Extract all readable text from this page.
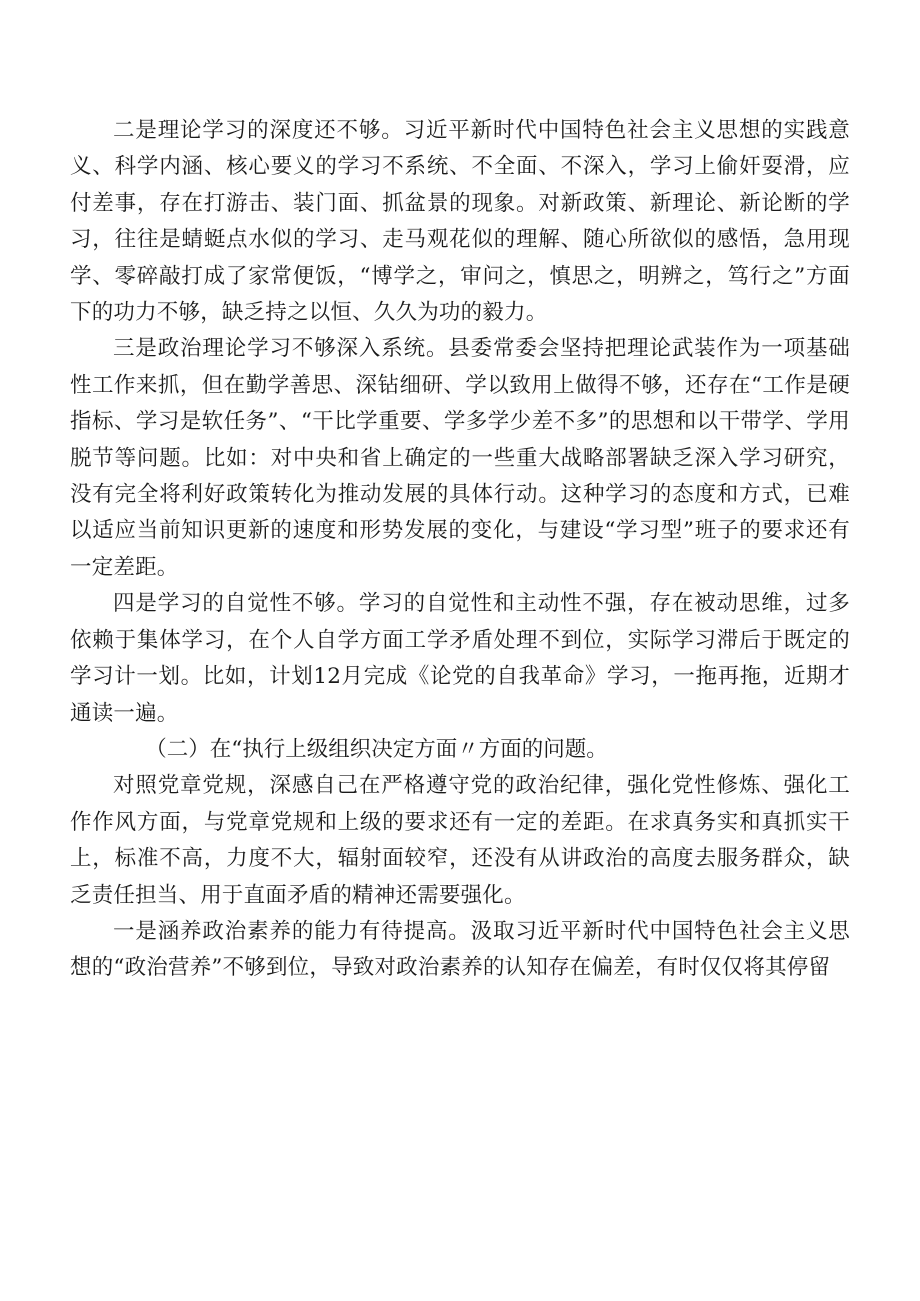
二是理论学习的深度还不够。习近平新时代中国特色社会主义思想的实践意义、科学内涵、核心要义的学习不系统、不全面、不深入，学习上偷奸耍滑，应付差事，存在打游击、装门面、抓盆景的现象。对新政策、新理论、新论断的学习，往往是蜻蜓点水似的学习、走马观花似的理解、随心所欲似的感悟，急用现学、零碎敲打成了家常便饭，“博学之，审问之，慎思之，明辨之，笃行之”方面下的功力不够，缺乏持之以恒、久久为功的毅力。

三是政治理论学习不够深入系统。县委常委会坚持把理论武装作为一项基础性工作来抓，但在勤学善思、深钻细研、学以致用上做得不够，还存在“工作是硬指标、学习是软任务”、“干比学重要、学多学少差不多”的思想和以干带学、学用脱节等问题。比如：对中央和省上确定的一些重大战略部署缺乏深入学习研究，没有完全将利好政策转化为推动发展的具体行动。这种学习的态度和方式，已难以适应当前知识更新的速度和形势发展的变化，与建设“学习型”班子的要求还有一定差距。

四是学习的自觉性不够。学习的自觉性和主动性不强，存在被动思维，过多依赖于集体学习，在个人自学方面工学矛盾处理不到位，实际学习滞后于既定的学习计一划。比如，计划12月完成《论党的自我革命》学习，一拖再拖，近期才通读一遍。

（二）在“执行上级组织决定方面〃方面的问题。

对照党章党规，深感自己在严格遵守党的政治纪律，强化党性修炼、强化工作作风方面，与党章党规和上级的要求还有一定的差距。在求真务实和真抓实干上，标准不高，力度不大，辐射面较窄，还没有从讲政治的高度去服务群众，缺乏责任担当、用于直面矛盾的精神还需要强化。

一是涵养政治素养的能力有待提高。汲取习近平新时代中国特色社会主义思想的“政治营养”不够到位，导致对政治素养的认知存在偏差，有时仅仅将其停留
